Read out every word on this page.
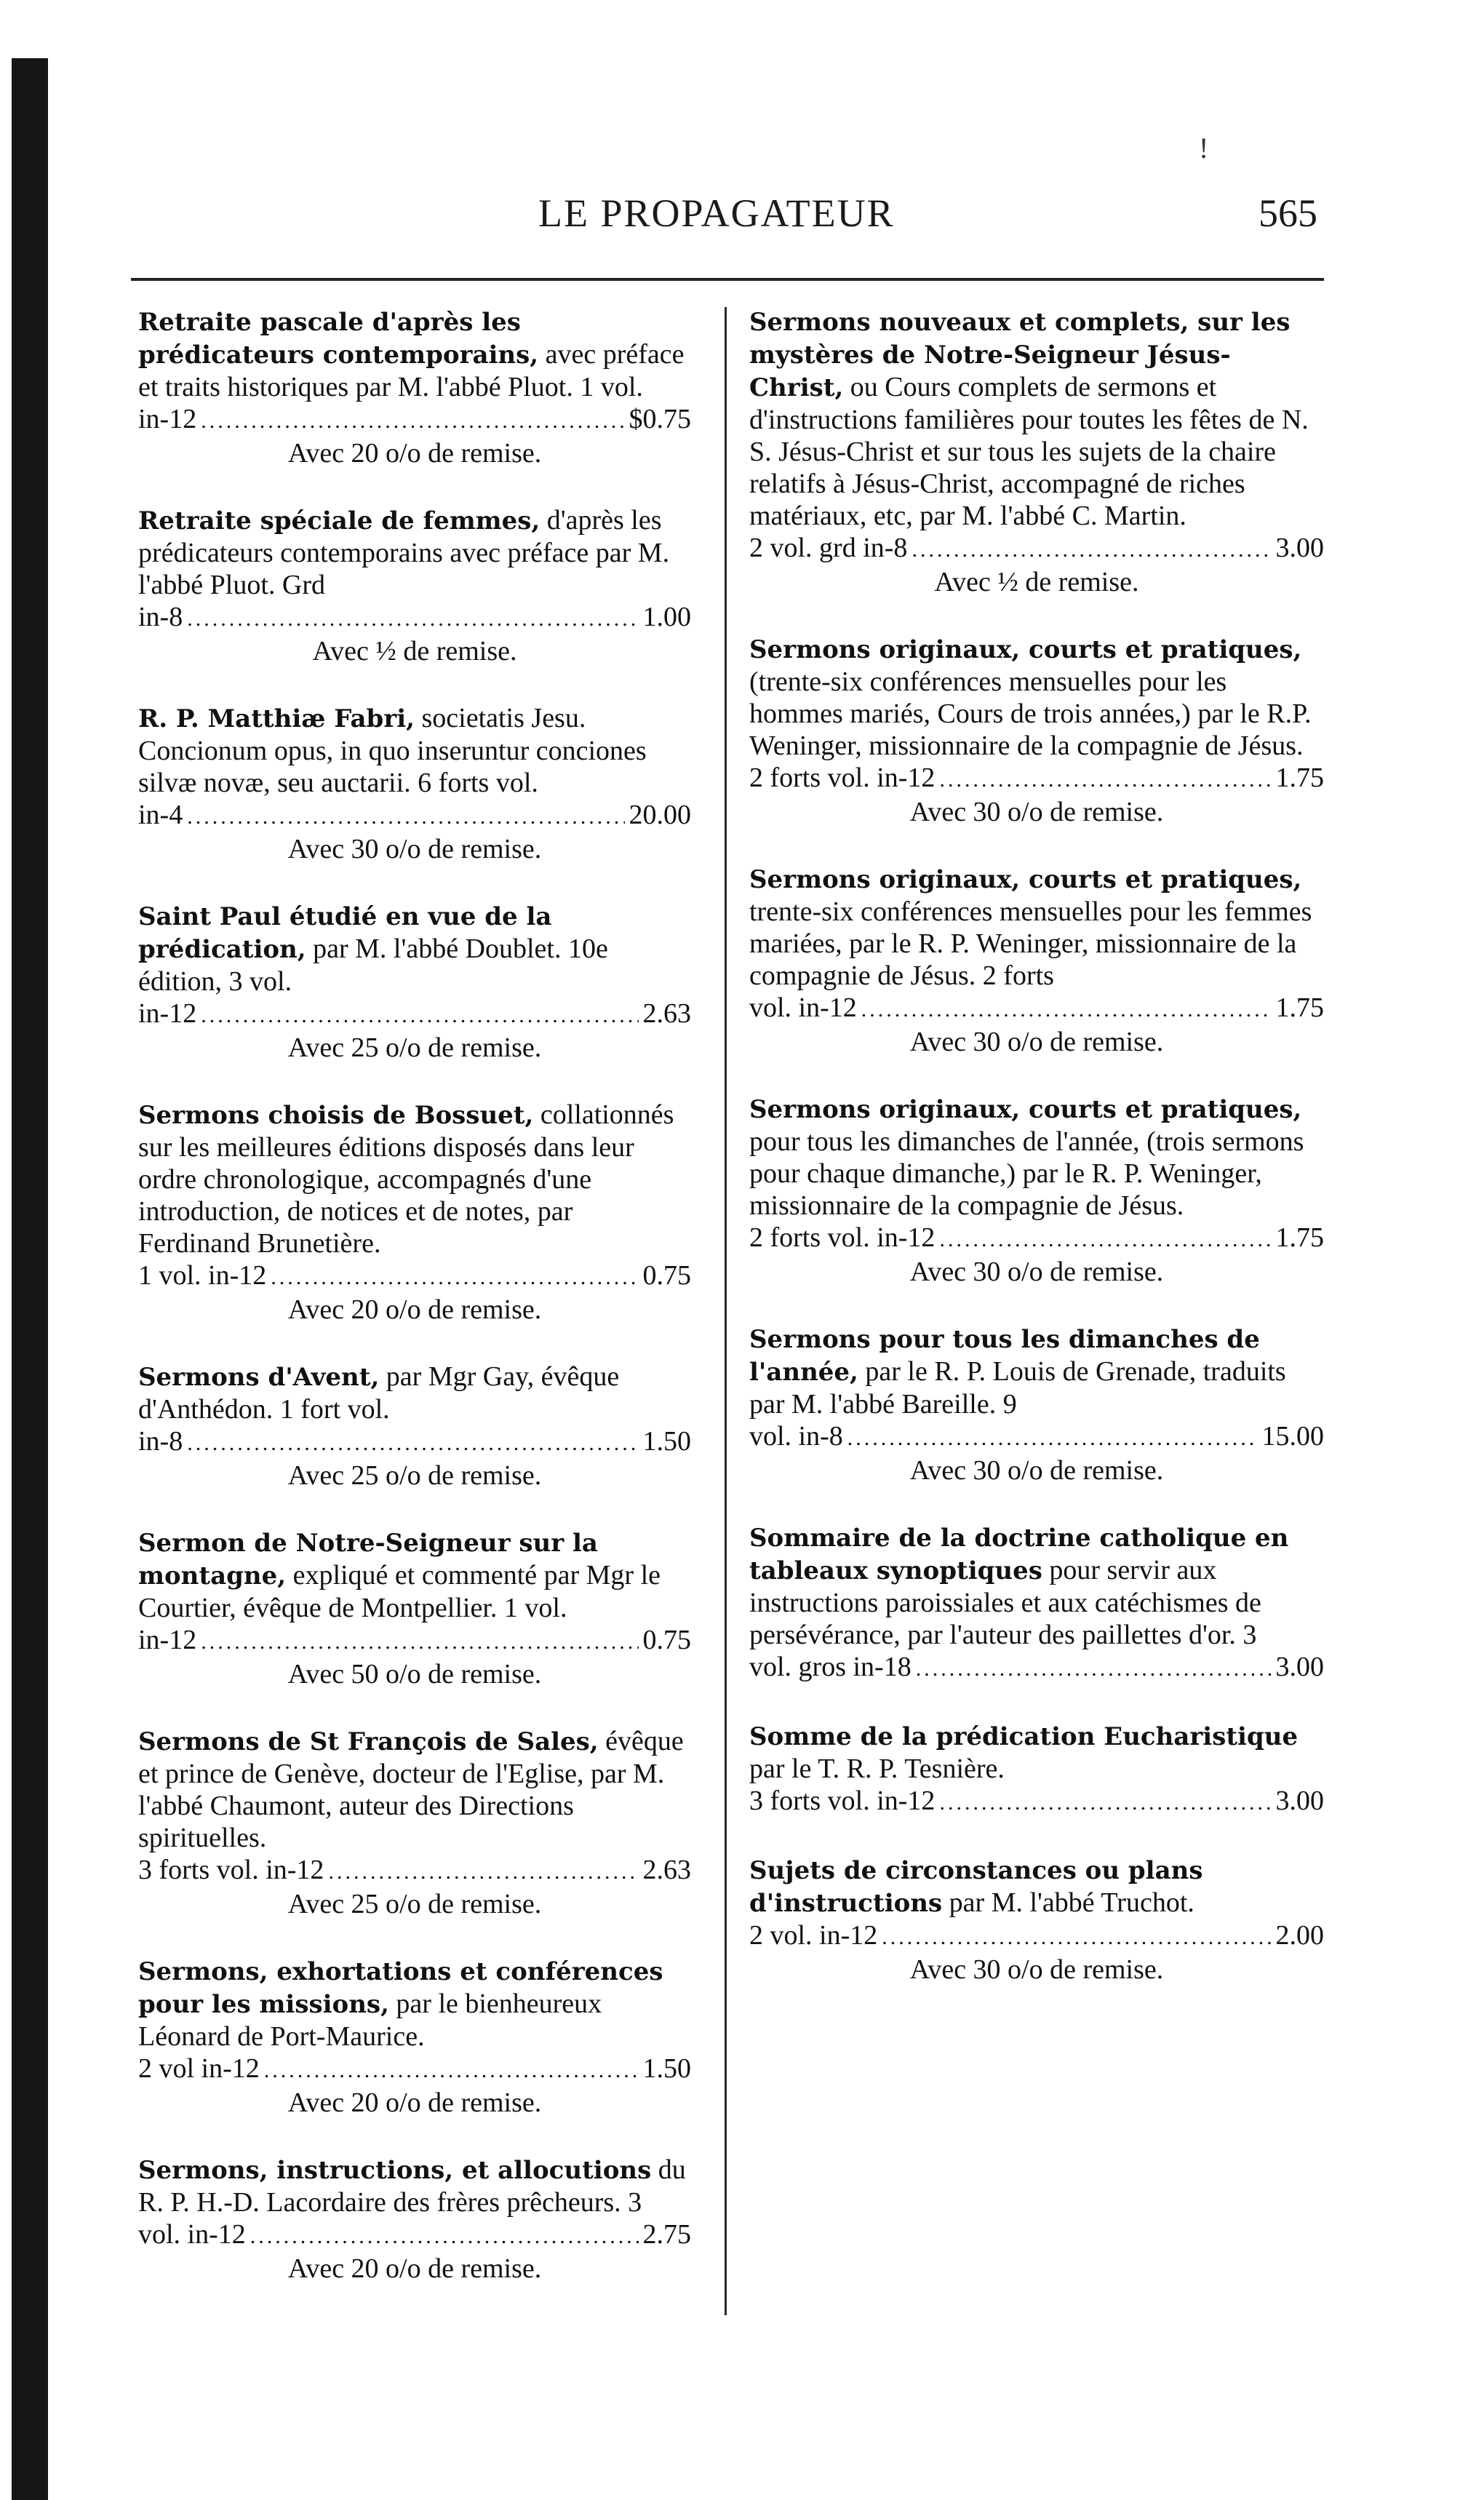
!
LE PROPAGATEUR	565
Retraite pascale d'après les prédicateurs contemporains, avec préface et traits historiques par M. l'abbé Pluot. 1 vol.
in-12 .....	$0.75
Avec 20 o/o de remise.
Retraite spéciale de femmes, d'après les prédicateurs contemporains avec préface par M. l'abbé Pluot. Grd
in-8 .....	1.00
Avec ½ de remise.
R. P. Matthiæ Fabri, societatis Jesu. Concionum opus, in quo inseruntur conciones silvæ novæ, seu auctarii. 6 forts vol.
in-4 .....	20.00
Avec 30 o/o de remise.
Saint Paul étudié en vue de la prédication, par M. l'abbé Doublet. 10e édition, 3 vol.
in-12 .....	2.63
Avec 25 o/o de remise.
Sermons choisis de Bossuet, collationnés sur les meilleures éditions disposés dans leur ordre chronologique, accompagnés d'une introduction, de notices et de notes, par Ferdinand Brunetière.
1 vol. in-12 .....	0.75
Avec 20 o/o de remise.
Sermons d'Avent, par Mgr Gay, évêque d'Anthédon. 1 fort vol.
in-8 .....	1.50
Avec 25 o/o de remise.
Sermon de Notre-Seigneur sur la montagne, expliqué et commenté par Mgr le Courtier, évêque de Montpellier. 1 vol.
in-12 .....	0.75
Avec 50 o/o de remise.
Sermons de St François de Sales, évêque et prince de Genève, docteur de l'Eglise, par M. l'abbé Chaumont, auteur des Directions spirituelles.
3 forts vol. in-12 .....	2.63
Avec 25 o/o de remise.
Sermons, exhortations et conférences pour les missions, par le bienheureux Léonard de Port-Maurice.
2 vol in-12 .....	1.50
Avec 20 o/o de remise.
Sermons, instructions, et allocutions du R. P. H.-D. Lacordaire des frères prêcheurs. 3
vol. in-12 .....	2.75
Avec 20 o/o de remise.
Sermons nouveaux et complets, sur les mystères de Notre-Seigneur Jésus-Christ, ou Cours complets de sermons et d'instructions familières pour toutes les fêtes de N. S. Jésus-Christ et sur tous les sujets de la chaire relatifs à Jésus-Christ, accompagné de riches matériaux, etc, par M. l'abbé C. Martin.
2 vol. grd in-8 .....	3.00
Avec ½ de remise.
Sermons originaux, courts et pratiques, (trente-six conférences mensuelles pour les hommes mariés, Cours de trois années,) par le R.P. Weninger, missionnaire de la compagnie de Jésus.
2 forts vol. in-12 .....	1.75
Avec 30 o/o de remise.
Sermons originaux, courts et pratiques, trente-six conférences mensuelles pour les femmes mariées, par le R. P. Weninger, missionnaire de la compagnie de Jésus. 2 forts
vol. in-12 .....	1.75
Avec 30 o/o de remise.
Sermons originaux, courts et pratiques, pour tous les dimanches de l'année, (trois sermons pour chaque dimanche,) par le R. P. Weninger, missionnaire de la compagnie de Jésus.
2 forts vol. in-12 .....	1.75
Avec 30 o/o de remise.
Sermons pour tous les dimanches de l'année, par le R. P. Louis de Grenade, traduits par M. l'abbé Bareille. 9
vol. in-8 .....	15.00
Avec 30 o/o de remise.
Sommaire de la doctrine catholique en tableaux synoptiques pour servir aux instructions paroissiales et aux catéchismes de persévérance, par l'auteur des paillettes d'or. 3
vol. gros in-18 .....	3.00
Somme de la prédication Eucharistique par le T. R. P. Tesnière.
3 forts vol. in-12 .....	3.00
Sujets de circonstances ou plans d'instructions par M. l'abbé Truchot.
2 vol. in-12 .....	2.00
Avec 30 o/o de remise.
